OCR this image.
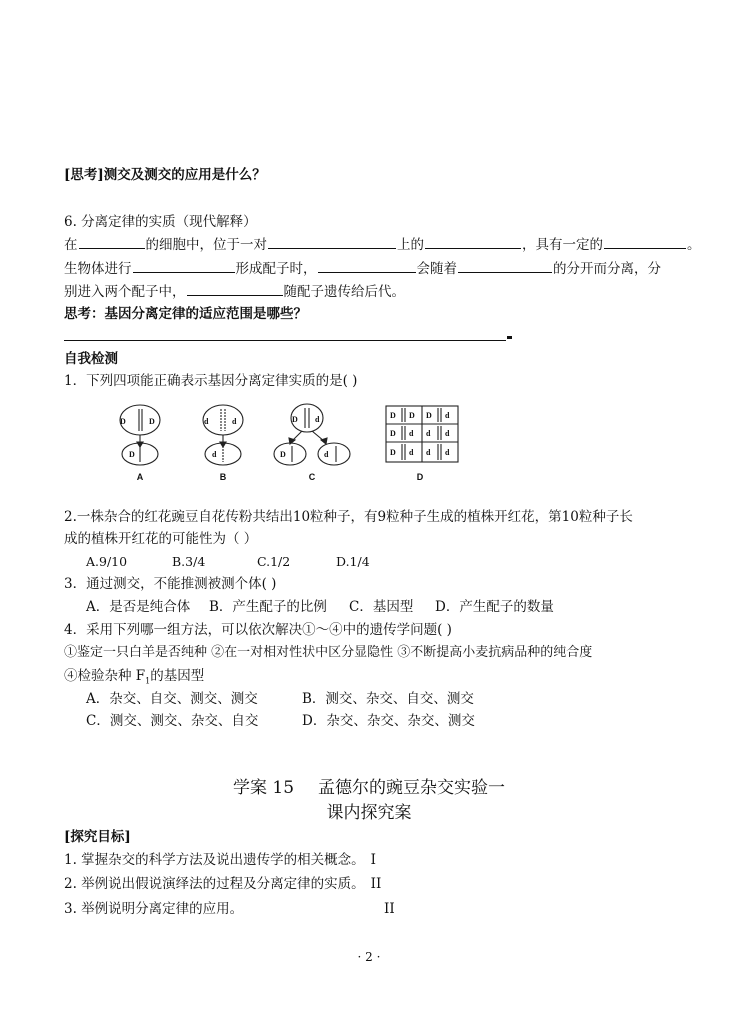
[思考]测交及测交的应用是什么？
6. 分离定律的实质（现代解释）
在	的细胞中，位于一对	上的	，具有一定的	。
生物体进行	形成配子时，	会随着	的分开而分离，分
别进入两个配子中，	随配子遗传给后代。
思考：基因分离定律的适应范围是哪些？
自我检测
1．下列四项能正确表示基因分离定律实质的是( )
D	D
D
d	d
d
D d
D	d
D D D d
D d d d
D d d d
A	B	C	D
2.一株杂合的红花豌豆自花传粉共结出10粒种子，有9粒种子生成的植株开红花，第10粒种子长
成的植株开红花的可能性为（ ）
A.9/10	B.3/4	C.1/2	D.1/4
3．通过测交，不能推测被测个体( )
A．是否是纯合体 B．产生配子的比例 C．基因型 D．产生配子的数量
4．采用下列哪一组方法，可以依次解决①～④中的遗传学问题( )
①鉴定一只白羊是否纯种 ②在一对相对性状中区分显隐性 ③不断提高小麦抗病品种的纯合度
④检验杂种 $F_1$的基因型
A．杂交、自交、测交、测交	B．测交、杂交、自交、测交
C．测交、测交、杂交、自交	D．杂交、杂交、杂交、测交
学案 15 孟德尔的豌豆杂交实验一
课内探究案
[探究目标]
1. 掌握杂交的科学方法及说出遗传学的相关概念。 I
2. 举例说出假说演绎法的过程及分离定律的实质。 II
3. 举例说明分离定律的应用。	II
· 2 ·
